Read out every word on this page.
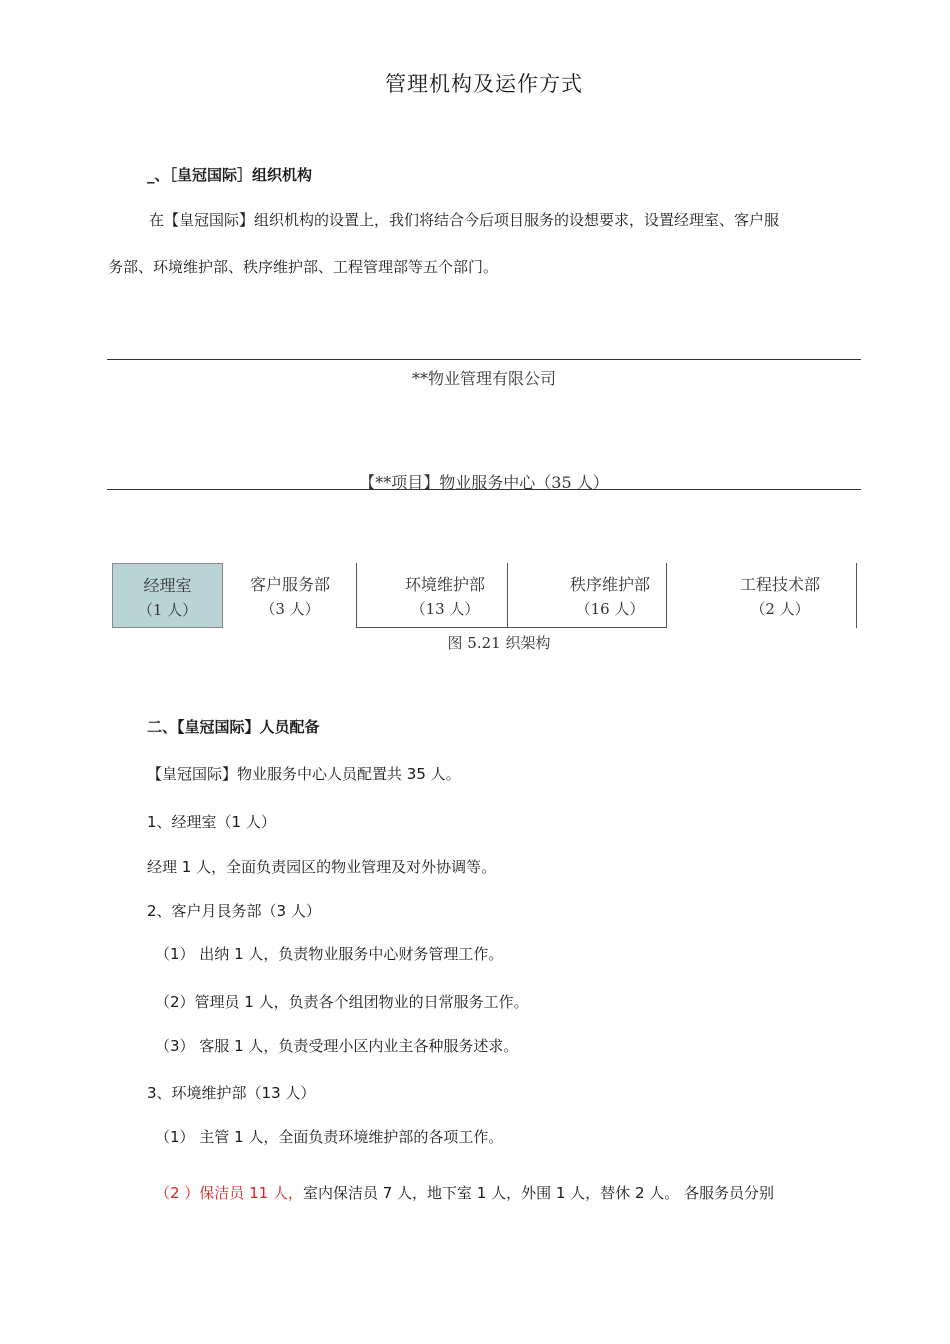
管理机构及运作方式
_、［皇冠国际］组织机构
在【皇冠国际】组织机构的设置上，我们将结合今后项目服务的设想要求，设置经理室、客户服
务部、环境维护部、秩序维护部、工程管理部等五个部门。
**物业管理有限公司
【**项目】物业服务中心（35 人）
经理室
（1 人）
客户服务部
（3 人）
环境维护部
（13 人）
秩序维护部
（16 人）
工程技术部
（2 人）
图 5.21 织架构
二、【皇冠国际】人员配备
【皇冠国际】物业服务中心人员配置共 35 人。
1、经理室（1 人）
经理 1 人，全面负责园区的物业管理及对外协调等。
2、客户月艮务部（3 人）
（1） 出纳 1 人，负责物业服务中心财务管理工作。
（2）管理员 1 人，负责各个组团物业的日常服务工作。
（3） 客服 1 人，负责受理小区内业主各种服务述求。
3、环境维护部（13 人）
（1） 主管 1 人，全面负责环境维护部的各项工作。
（2 ）保洁员 11 人，室内保洁员 7 人，地下室 1 人，外围 1 人，替休 2 人。 各服务员分别
